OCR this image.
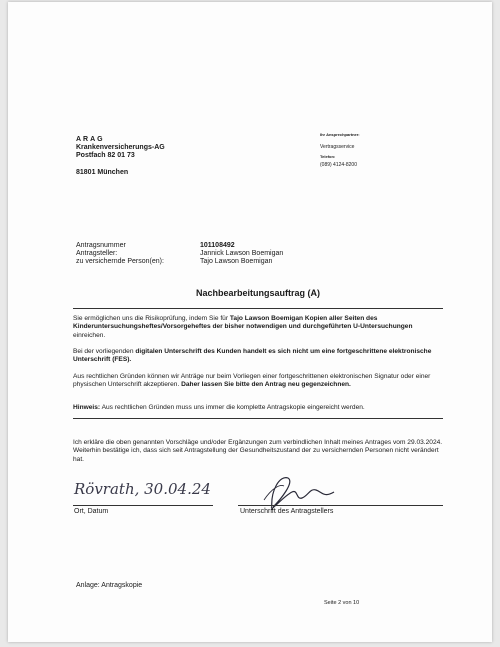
ARAG
Krankenversicherungs-AG
Postfach 82 01 73
81801 München
Ihr Ansprechpartner:
Vertragsservice
Telefon:
(089) 4124-8200
Antragsnummer
Antragsteller:
zu versichernde Person(en):
101108492
Jannick Lawson Boemigan
Tajo Lawson Boemigan
Nachbearbeitungsauftrag (A)
Sie ermöglichen uns die Risikoprüfung, indem Sie für Tajo Lawson Boemigan Kopien aller Seiten des Kinderuntersuchungsheftes/Vorsorgeheftes der bisher notwendigen und durchgeführten U-Untersuchungen einreichen.
Bei der vorliegenden digitalen Unterschrift des Kunden handelt es sich nicht um eine fortgeschrittene elektronische Unterschrift (FES).
Aus rechtlichen Gründen können wir Anträge nur beim Vorliegen einer fortgeschrittenen elektronischen Signatur oder einer physischen Unterschrift akzeptieren. Daher lassen Sie bitte den Antrag neu gegenzeichnen.
Hinweis: Aus rechtlichen Gründen muss uns immer die komplette Antragskopie eingereicht werden.
Ich erkläre die oben genannten Vorschläge und/oder Ergänzungen zum verbindlichen Inhalt meines Antrages vom 29.03.2024. Weiterhin bestätige ich, dass sich seit Antragstellung der Gesundheitszustand der zu versichernden Personen nicht verändert hat.
Rövrath, 30.04.24
Ort, Datum	Unterschrift des Antragstellers
Anlage: Antragskopie
Seite 2 von 10
